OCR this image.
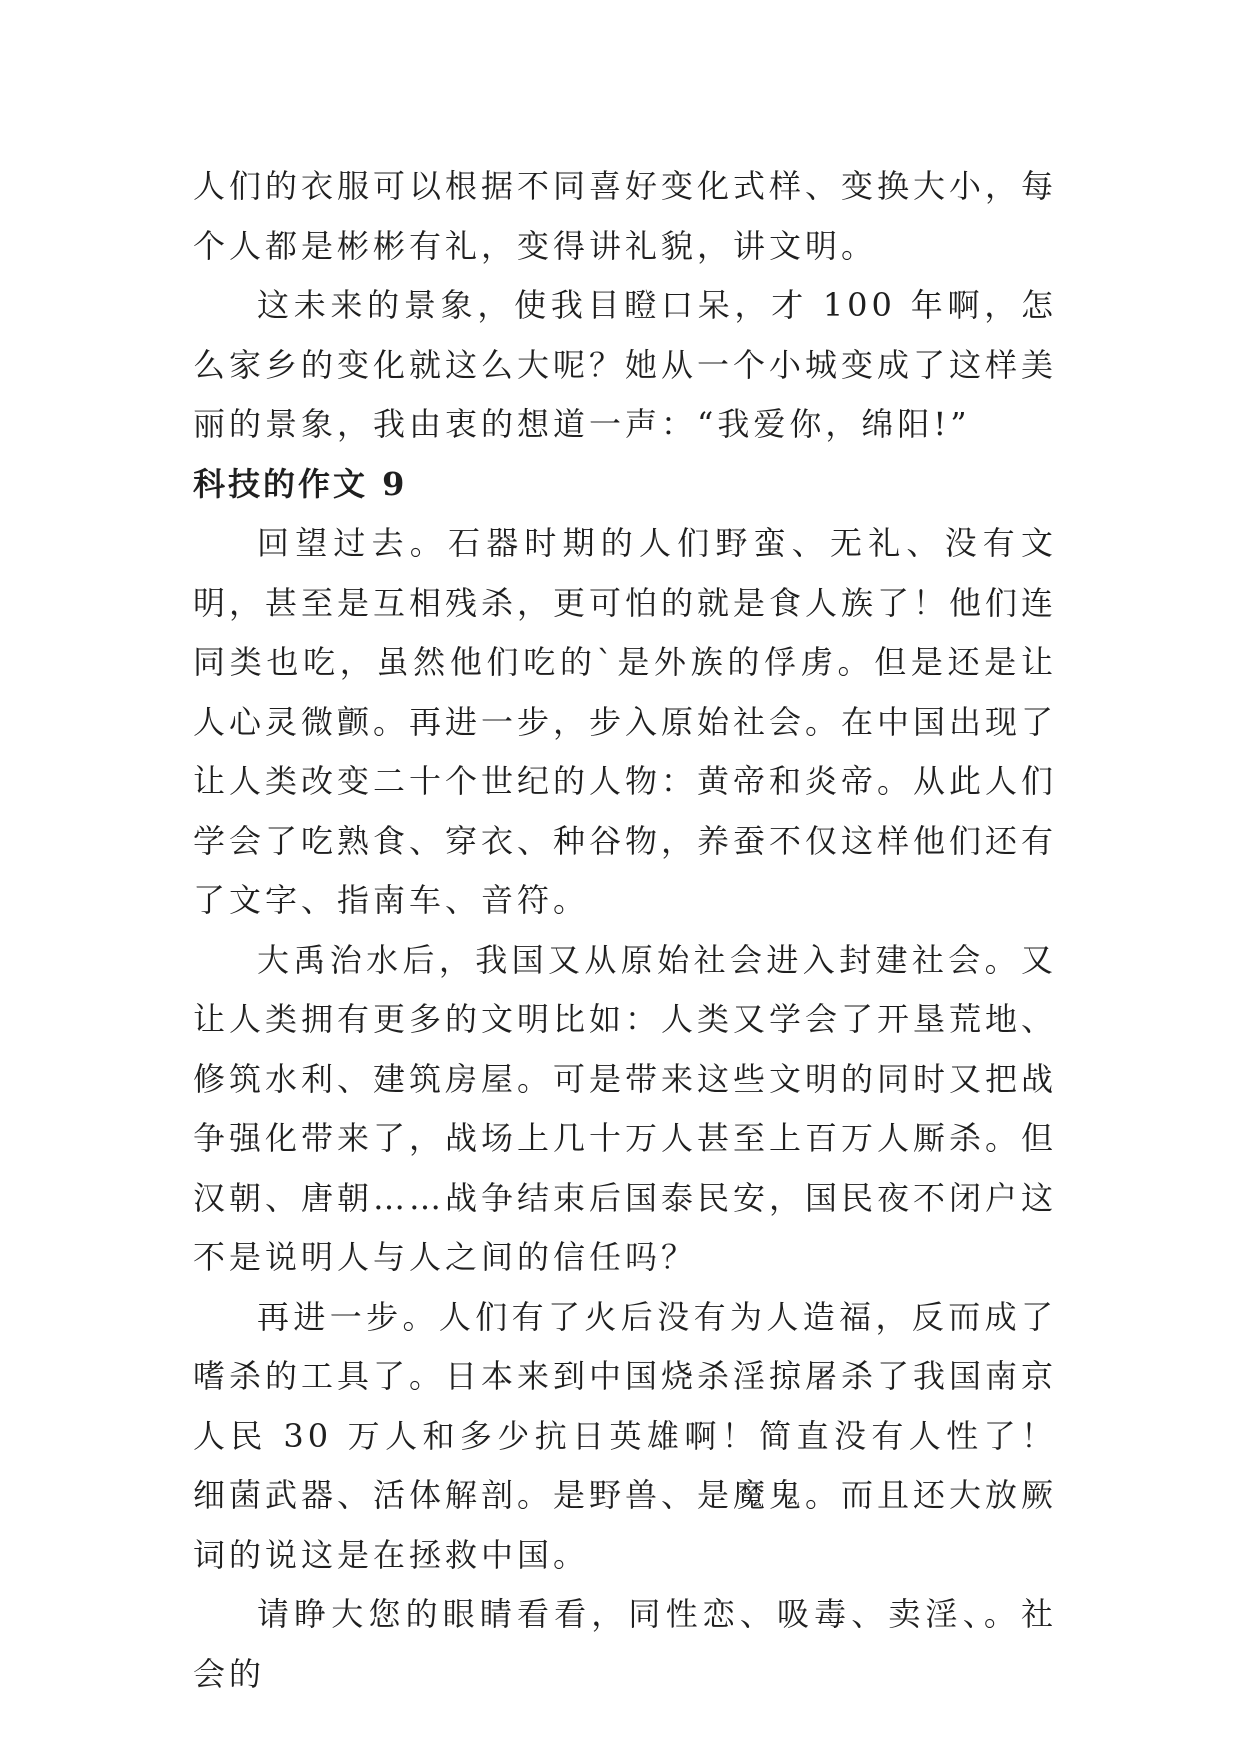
人们的衣服可以根据不同喜好变化式样、变换大小，每个人都是彬彬有礼，变得讲礼貌，讲文明。

这未来的景象，使我目瞪口呆，才 100 年啊，怎么家乡的变化就这么大呢？她从一个小城变成了这样美丽的景象，我由衷的想道一声：“我爱你，绵阳!”

科技的作文 9

回望过去。石器时期的人们野蛮、无礼、没有文明，甚至是互相残杀，更可怕的就是食人族了！他们连同类也吃，虽然他们吃的`是外族的俘虏。但是还是让人心灵微颤。再进一步，步入原始社会。在中国出现了让人类改变二十个世纪的人物：黄帝和炎帝。从此人们学会了吃熟食、穿衣、种谷物，养蚕不仅这样他们还有了文字、指南车、音符。

大禹治水后，我国又从原始社会进入封建社会。又让人类拥有更多的文明比如：人类又学会了开垦荒地、修筑水利、建筑房屋。可是带来这些文明的同时又把战争强化带来了，战场上几十万人甚至上百万人厮杀。但汉朝、唐朝……战争结束后国泰民安，国民夜不闭户这不是说明人与人之间的信任吗？

再进一步。人们有了火后没有为人造福，反而成了嗜杀的工具了。日本来到中国烧杀淫掠屠杀了我国南京人民 30 万人和多少抗日英雄啊！简直没有人性了！细菌武器、活体解剖。是野兽、是魔鬼。而且还大放厥词的说这是在拯救中国。

请睁大您的眼睛看看，同性恋、吸毒、卖淫、。社会的
